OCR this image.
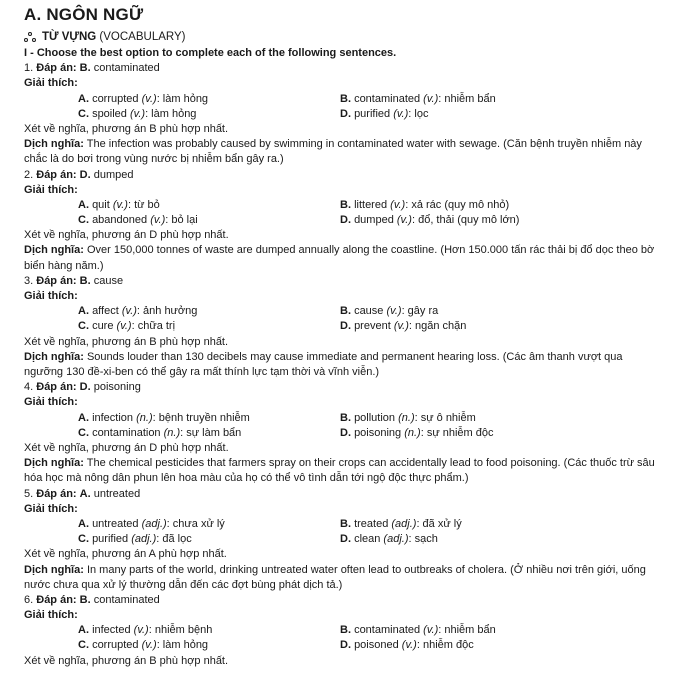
A. NGÔN NGỮ
TỪ VỰNG (VOCABULARY)
I - Choose the best option to complete each of the following sentences.
1. Đáp án: B. contaminated
Giải thích:
A. corrupted (v.): làm hỏng	B. contaminated (v.): nhiễm bẩn
C. spoiled (v.): làm hỏng	D. purified (v.): lọc
Xét về nghĩa, phương án B phù hợp nhất.
Dịch nghĩa: The infection was probably caused by swimming in contaminated water with sewage. (Căn bệnh truyền nhiễm này chắc là do bơi trong vùng nước bị nhiễm bẩn gây ra.)
2. Đáp án: D. dumped
Giải thích:
A. quit (v.): từ bỏ	B. littered (v.): xả rác (quy mô nhỏ)
C. abandoned (v.): bỏ lại	D. dumped (v.): đổ, thải (quy mô lớn)
Xét về nghĩa, phương án D phù hợp nhất.
Dịch nghĩa: Over 150,000 tonnes of waste are dumped annually along the coastline. (Hơn 150.000 tấn rác thải bị đổ dọc theo bờ biển hàng năm.)
3. Đáp án: B. cause
Giải thích:
A. affect (v.): ảnh hưởng	B. cause (v.): gây ra
C. cure (v.): chữa trị	D. prevent (v.): ngăn chặn
Xét về nghĩa, phương án B phù hợp nhất.
Dịch nghĩa: Sounds louder than 130 decibels may cause immediate and permanent hearing loss. (Các âm thanh vượt qua ngưỡng 130 đề-xi-ben có thể gây ra mất thính lực tạm thời và vĩnh viễn.)
4. Đáp án: D. poisoning
Giải thích:
A. infection (n.): bệnh truyền nhiễm	B. pollution (n.): sự ô nhiễm
C. contamination (n.): sự làm bẩn	D. poisoning (n.): sự nhiễm độc
Xét về nghĩa, phương án D phù hợp nhất.
Dịch nghĩa: The chemical pesticides that farmers spray on their crops can accidentally lead to food poisoning. (Các thuốc trừ sâu hóa học mà nông dân phun lên hoa màu của họ có thể vô tình dẫn tới ngộ độc thực phẩm.)
5. Đáp án: A. untreated
Giải thích:
A. untreated (adj.): chưa xử lý	B. treated (adj.): đã xử lý
C. purified (adj.): đã lọc	D. clean (adj.): sạch
Xét về nghĩa, phương án A phù hợp nhất.
Dịch nghĩa: In many parts of the world, drinking untreated water often lead to outbreaks of cholera. (Ở nhiều nơi trên giới, uống nước chưa qua xử lý thường dẫn đến các đợt bùng phát dịch tả.)
6. Đáp án: B. contaminated
Giải thích:
A. infected (v.): nhiễm bệnh	B. contaminated (v.): nhiễm bẩn
C. corrupted (v.): làm hỏng	D. poisoned (v.): nhiễm độc
Xét về nghĩa, phương án B phù hợp nhất.
